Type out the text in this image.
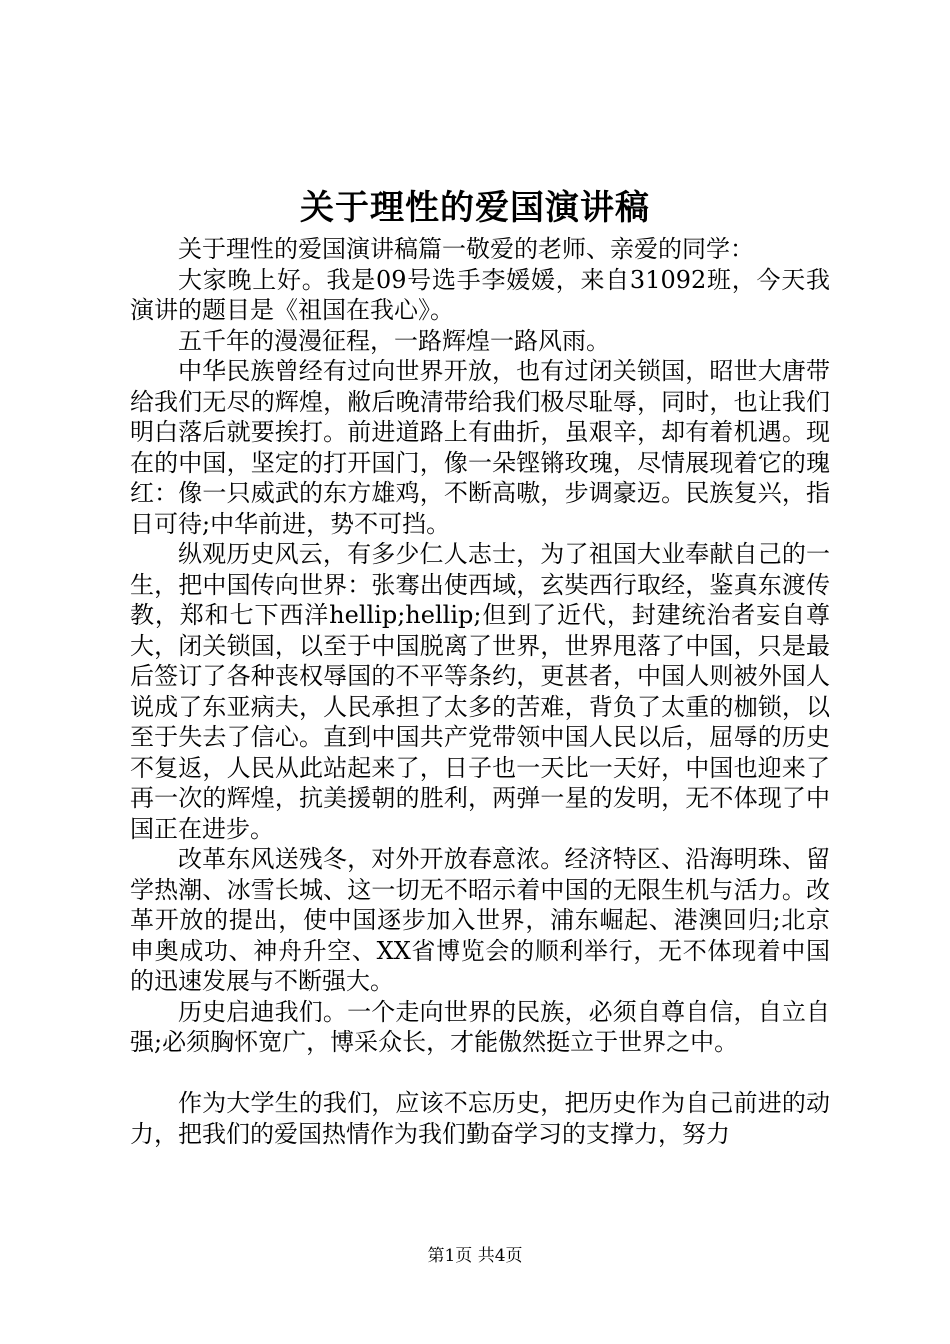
关于理性的爱国演讲稿

关于理性的爱国演讲稿篇一敬爱的老师、亲爱的同学：

大家晚上好。我是09号选手李媛媛，来自31092班，今天我演讲的题目是《祖国在我心》。

五千年的漫漫征程，一路辉煌一路风雨。

中华民族曾经有过向世界开放，也有过闭关锁国，昭世大唐带给我们无尽的辉煌，敝后晚清带给我们极尽耻辱，同时，也让我们明白落后就要挨打。前进道路上有曲折，虽艰辛，却有着机遇。现在的中国，坚定的打开国门，像一朵铿锵玫瑰，尽情展现着它的瑰红：像一只威武的东方雄鸡，不断高嗷，步调豪迈。民族复兴，指日可待;中华前进，势不可挡。

纵观历史风云，有多少仁人志士，为了祖国大业奉献自己的一生，把中国传向世界：张骞出使西域，玄奘西行取经，鉴真东渡传教，郑和七下西洋hellip;hellip;但到了近代，封建统治者妄自尊大，闭关锁国，以至于中国脱离了世界，世界甩落了中国，只是最后签订了各种丧权辱国的不平等条约，更甚者，中国人则被外国人说成了东亚病夫，人民承担了太多的苦难，背负了太重的枷锁，以至于失去了信心。直到中国共产党带领中国人民以后，屈辱的历史不复返，人民从此站起来了，日子也一天比一天好，中国也迎来了再一次的辉煌，抗美援朝的胜利，两弹一星的发明，无不体现了中国正在进步。

改革东风送残冬，对外开放春意浓。经济特区、沿海明珠、留学热潮、冰雪长城、这一切无不昭示着中国的无限生机与活力。改革开放的提出，使中国逐步加入世界，浦东崛起、港澳回归;北京申奥成功、神舟升空、XX省博览会的顺利举行，无不体现着中国的迅速发展与不断强大。

历史启迪我们。一个走向世界的民族，必须自尊自信，自立自强;必须胸怀宽广，博采众长，才能傲然挺立于世界之中。

作为大学生的我们，应该不忘历史，把历史作为自己前进的动力，把我们的爱国热情作为我们勤奋学习的支撑力，努力

第1页 共4页
